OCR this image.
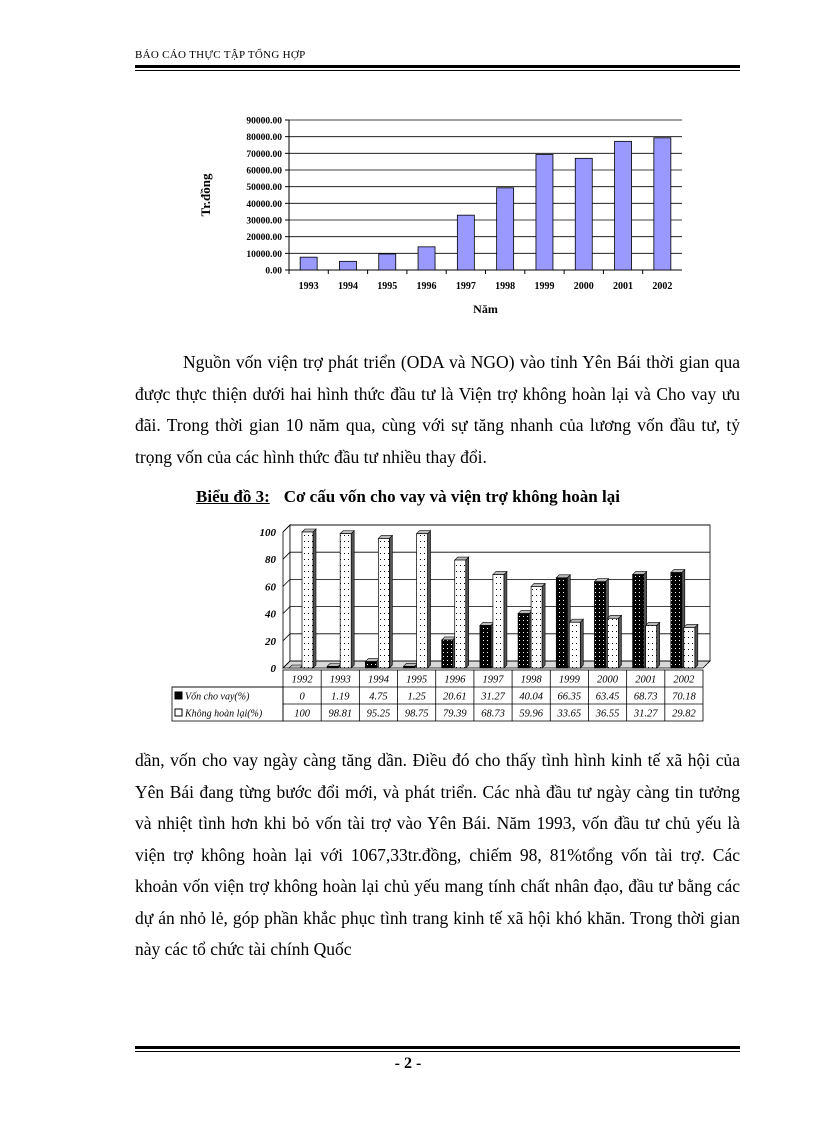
BÁO CÁO THỰC TẬP TỔNG HỢP
0.00
10000.00
20000.00
30000.00
40000.00
50000.00
60000.00
70000.00
80000.00
90000.00
1993 1994 1995 1996 1997 1998 1999 2000 2001 2002
Năm
Tr.đồng
Nguồn vốn viện trợ phát triển (ODA và NGO) vào tỉnh Yên Bái thời gian qua được thực thiện dưới hai hình thức đầu tư là Viện trợ không hoàn lại và Cho vay ưu đãi. Trong thời gian 10 năm qua, cùng với sự tăng nhanh của lương vốn đầu tư, tỷ trọng vốn của các hình thức đầu tư nhiều thay đổi.
Biểu đồ 3: Cơ cấu vốn cho vay và viện trợ không hoàn lại
0
20
40
60
80
100
1992
0
100
1993
1.19
98.81
1994
4.75
95.25
1995
1.25
98.75
1996
20.61
79.39
1997
31.27
68.73
1998
40.04
59.96
1999
66.35
33.65
2000
63.45
36.55
2001
68.73
31.27
2002
70.18
29.82
Vốn cho vay(%)
Không hoàn lại(%)
dần, vốn cho vay ngày càng tăng dần. Điều đó cho thấy tình hình kinh tế xã hội của Yên Bái đang từng bước đổi mới, và phát triển. Các nhà đầu tư ngày càng tin tưởng và nhiệt tình hơn khi bỏ vốn tài trợ vào Yên Bái. Năm 1993, vốn đầu tư chủ yếu là viện trợ không hoàn lại với 1067,33tr.đồng, chiếm 98, 81%tổng vốn tài trợ. Các khoản vốn viện trợ không hoàn lại chủ yếu mang tính chất nhân đạo, đầu tư bằng các dự án nhỏ lẻ, góp phần khắc phục tình trang kinh tế xã hội khó khăn. Trong thời gian này các tổ chức tài chính Quốc
- 2 -
